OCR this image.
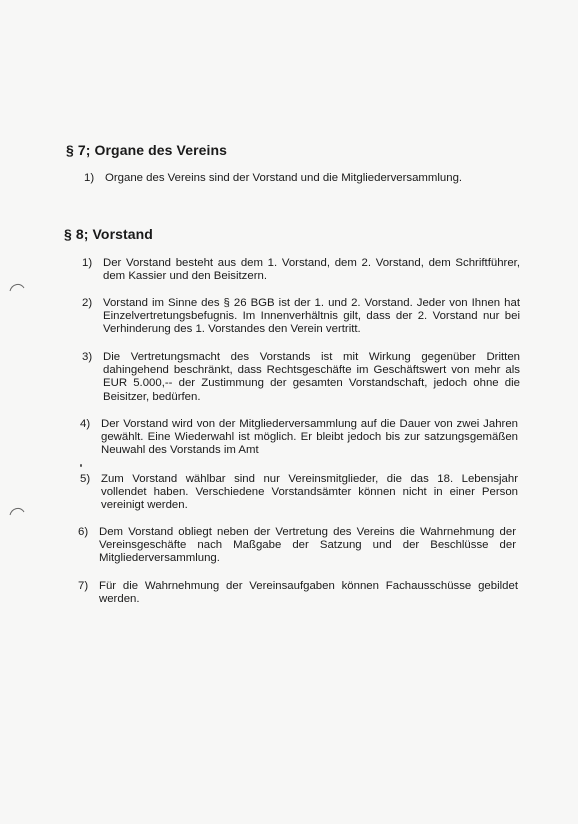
§ 7; Organe des Vereins
1) Organe des Vereins sind der Vorstand und die Mitgliederversammlung.
§ 8; Vorstand
1) Der Vorstand besteht aus dem 1. Vorstand, dem 2. Vorstand, dem Schriftführer, dem Kassier und den Beisitzern.
2) Vorstand im Sinne des § 26 BGB ist der 1. und 2. Vorstand. Jeder von Ihnen hat Einzelvertretungsbefugnis. Im Innenverhältnis gilt, dass der 2. Vorstand nur bei Verhinderung des 1. Vorstandes den Verein vertritt.
3) Die Vertretungsmacht des Vorstands ist mit Wirkung gegenüber Dritten dahingehend beschränkt, dass Rechtsgeschäfte im Geschäftswert von mehr als EUR 5.000,-- der Zustimmung der gesamten Vorstandschaft, jedoch ohne die Beisitzer, bedürfen.
4) Der Vorstand wird von der Mitgliederversammlung auf die Dauer von zwei Jahren gewählt. Eine Wiederwahl ist möglich. Er bleibt jedoch bis zur satzungsgemäßen Neuwahl des Vorstands im Amt
5) Zum Vorstand wählbar sind nur Vereinsmitglieder, die das 18. Lebensjahr vollendet haben. Verschiedene Vorstandsämter können nicht in einer Person vereinigt werden.
6) Dem Vorstand obliegt neben der Vertretung des Vereins die Wahrnehmung der Vereinsgeschäfte nach Maßgabe der Satzung und der Beschlüsse der Mitgliederversammlung.
7) Für die Wahrnehmung der Vereinsaufgaben können Fachausschüsse gebildet werden.
